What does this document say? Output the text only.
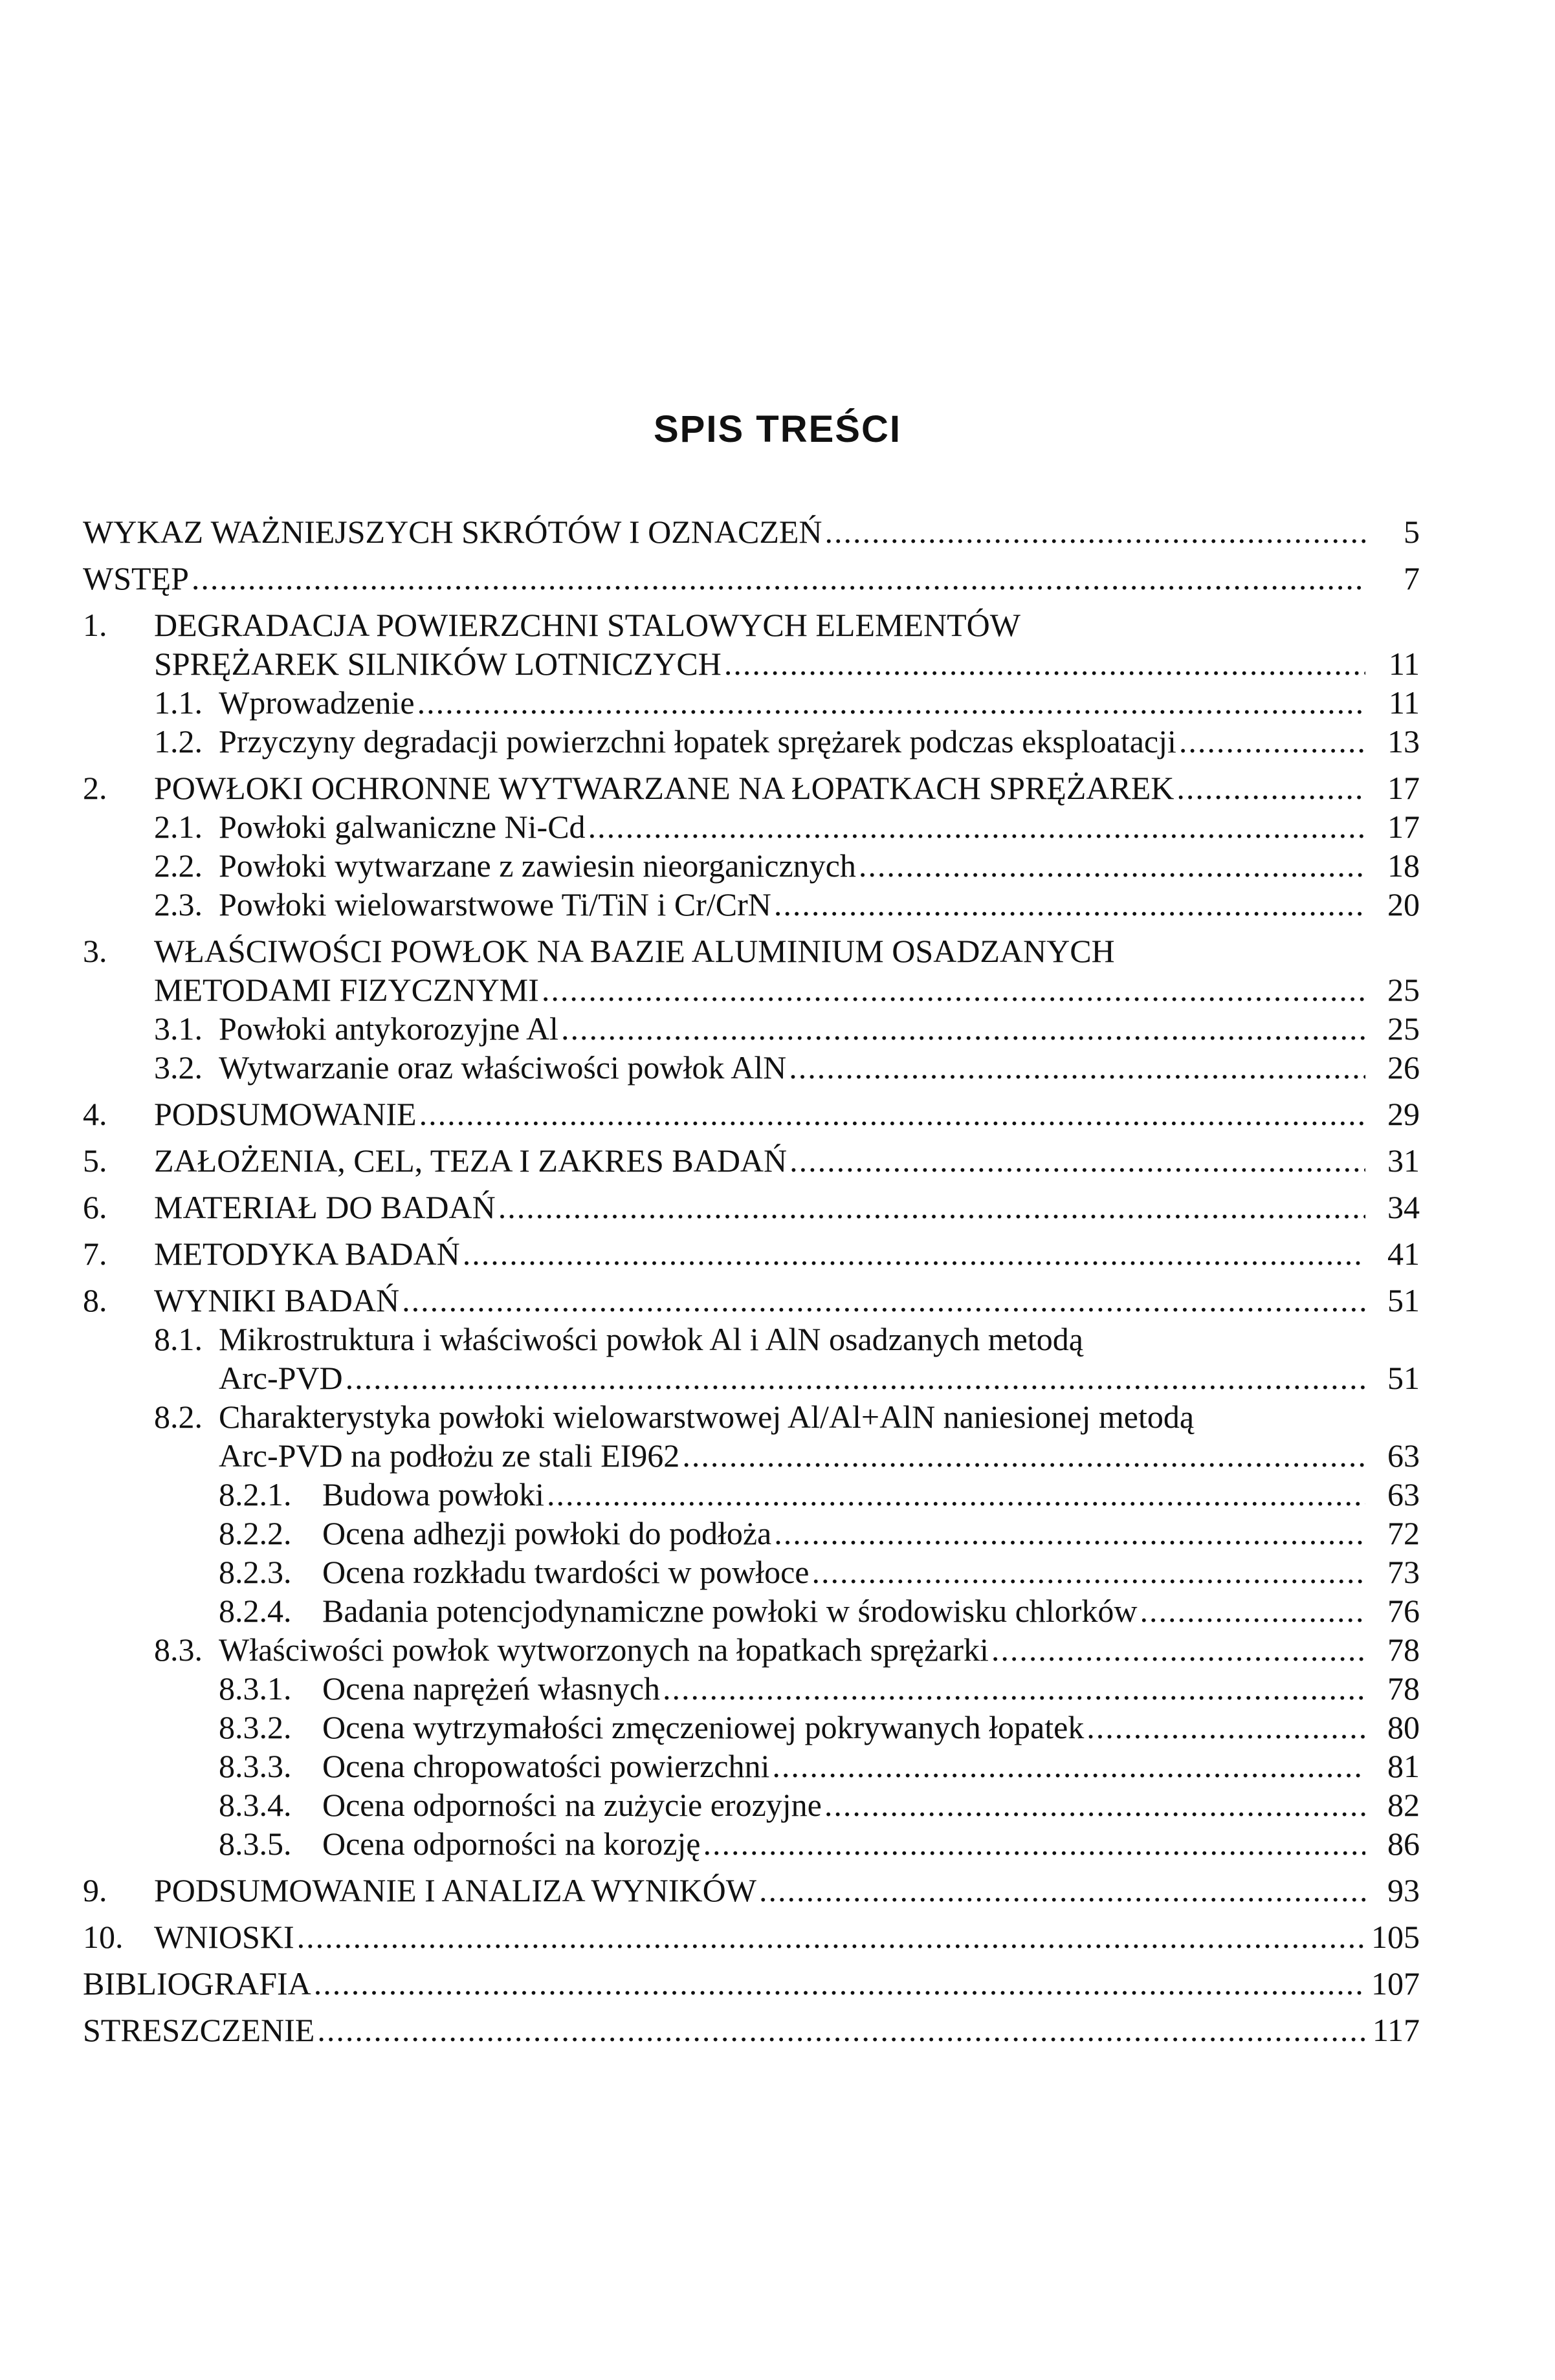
SPIS TREŚCI
WYKAZ WAŻNIEJSZYCH SKRÓTÓW I OZNACZEŃ .....	5
WSTĘP .....	7
1. DEGRADACJA POWIERZCHNI STALOWYCH ELEMENTÓW
SPRĘŻAREK SILNIKÓW LOTNICZYCH .....	11
1.1. Wprowadzenie .....	11
1.2. Przyczyny degradacji powierzchni łopatek sprężarek podczas eksploatacji .....	13
2. POWŁOKI OCHRONNE WYTWARZANE NA ŁOPATKACH SPRĘŻAREK .....	17
2.1. Powłoki galwaniczne Ni-Cd .....	17
2.2. Powłoki wytwarzane z zawiesin nieorganicznych .....	18
2.3. Powłoki wielowarstwowe Ti/TiN i Cr/CrN .....	20
3. WŁAŚCIWOŚCI POWŁOK NA BAZIE ALUMINIUM OSADZANYCH
METODAMI FIZYCZNYMI .....	25
3.1. Powłoki antykorozyjne Al .....	25
3.2. Wytwarzanie oraz właściwości powłok AlN .....	26
4. PODSUMOWANIE .....	29
5. ZAŁOŻENIA, CEL, TEZA I ZAKRES BADAŃ .....	31
6. MATERIAŁ DO BADAŃ .....	34
7. METODYKA BADAŃ .....	41
8. WYNIKI BADAŃ .....	51
8.1. Mikrostruktura i właściwości powłok Al i AlN osadzanych metodą
Arc-PVD .....	51
8.2. Charakterystyka powłoki wielowarstwowej Al/Al+AlN naniesionej metodą
Arc-PVD na podłożu ze stali EI962 .....	63
8.2.1. Budowa powłoki .....	63
8.2.2. Ocena adhezji powłoki do podłoża .....	72
8.2.3. Ocena rozkładu twardości w powłoce .....	73
8.2.4. Badania potencjodynamiczne powłoki w środowisku chlorków .....	76
8.3. Właściwości powłok wytworzonych na łopatkach sprężarki .....	78
8.3.1. Ocena naprężeń własnych .....	78
8.3.2. Ocena wytrzymałości zmęczeniowej pokrywanych łopatek .....	80
8.3.3. Ocena chropowatości powierzchni .....	81
8.3.4. Ocena odporności na zużycie erozyjne .....	82
8.3.5. Ocena odporności na korozję .....	86
9. PODSUMOWANIE I ANALIZA WYNIKÓW .....	93
10. WNIOSKI .....	105
BIBLIOGRAFIA .....	107
STRESZCZENIE .....	117
